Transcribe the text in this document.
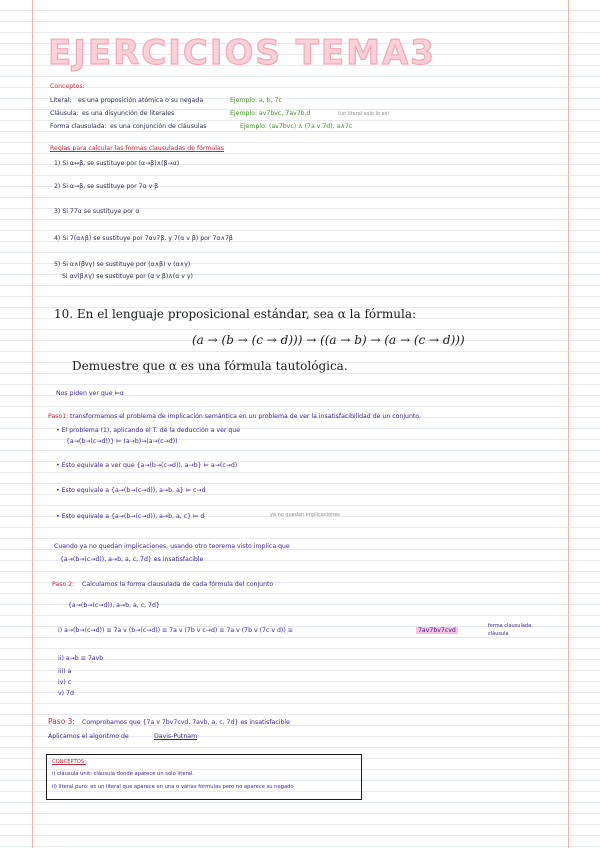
EJERCICIOS TEMA3
Conceptos:
Literal: es una proposición atómica o su negada	Ejemplo: a, b, 7c
Cláusula: es una disyunción de literales	Ejemplo: av7bvc, 7av7b,d	(un literal solo lo es)
Forma clausulada: es una conjunción de cláusulas	Ejemplo: (av7bvc) ∧ (7a v 7d), a∧7c
Reglas para calcular las formas clausuladas de fórmulas
1) Si α↔β, se sustituye por (α→β)∧(β→α)
2) Si α→β, se sustituye por 7α v β
3) Si 77α se sustituye por α
4) Si 7(α∧β) se sustituye por 7αv7β, y 7(α v β) por 7α∧7β
5) Si α∧(βvγ) se sustituye por (α∧β) v (α∧γ)
Si αv(β∧γ) se sustituye por (α v β)∧(α v γ)
10. En el lenguaje proposicional estándar, sea α la fórmula:
(a → (b → (c → d))) → ((a → b) → (a → (c → d)))
Demuestre que α es una fórmula tautológica.
Nos piden ver que ⊨α
Paso1: transformamos el problema de implicación semántica en un problema de ver la insatisfacibilidad de un conjunto.
• El problema (1), aplicando el T. de la deducción a ver que
{a→(b→(c→d))} ⊨ (a→b)→(a→(c→d))
• Esto equivale a ver que {a→(b→(c→d)), a→b} ⊨ a→(c→d)
• Esto equivale a {a→(b→(c→d)), a→b, a} ⊨ c→d
• Esto equivale a {a→(b→(c→d)), a→b, a, c} ⊨ d	ya no quedan implicaciones
Cuando ya no quedan implicaciones, usando otro teorema visto implica que
{a→(b→(c→d)), a→b, a, c, 7d} es insatisfacible
Paso 2: Calculamos la forma clausulada de cada fórmula del conjunto
{a→(b→(c→d)), a→b, a, c, 7d}
i) a→(b→(c→d)) ≡ 7a v (b→(c→d)) ≡ 7a v (7b v c→d) ≡ 7a v (7b v (7c v d)) ≡	7av7bv7cvd
forma clausulada
cláusula
ii) a→b ≡ 7avb
iii) a
iv) c
v) 7d
Paso 3: Comprobamos que {7a v 7bv7cvd, 7avb, a, c, 7d} es insatisfacible
Aplicamos el algoritmo de	Davis-Putnam
CONCEPTOS:
i) cláusula unit: cláusula donde aparece un solo literal.
ii) literal puro: es un literal que aparece en una o varias fórmulas pero no aparece su negado
